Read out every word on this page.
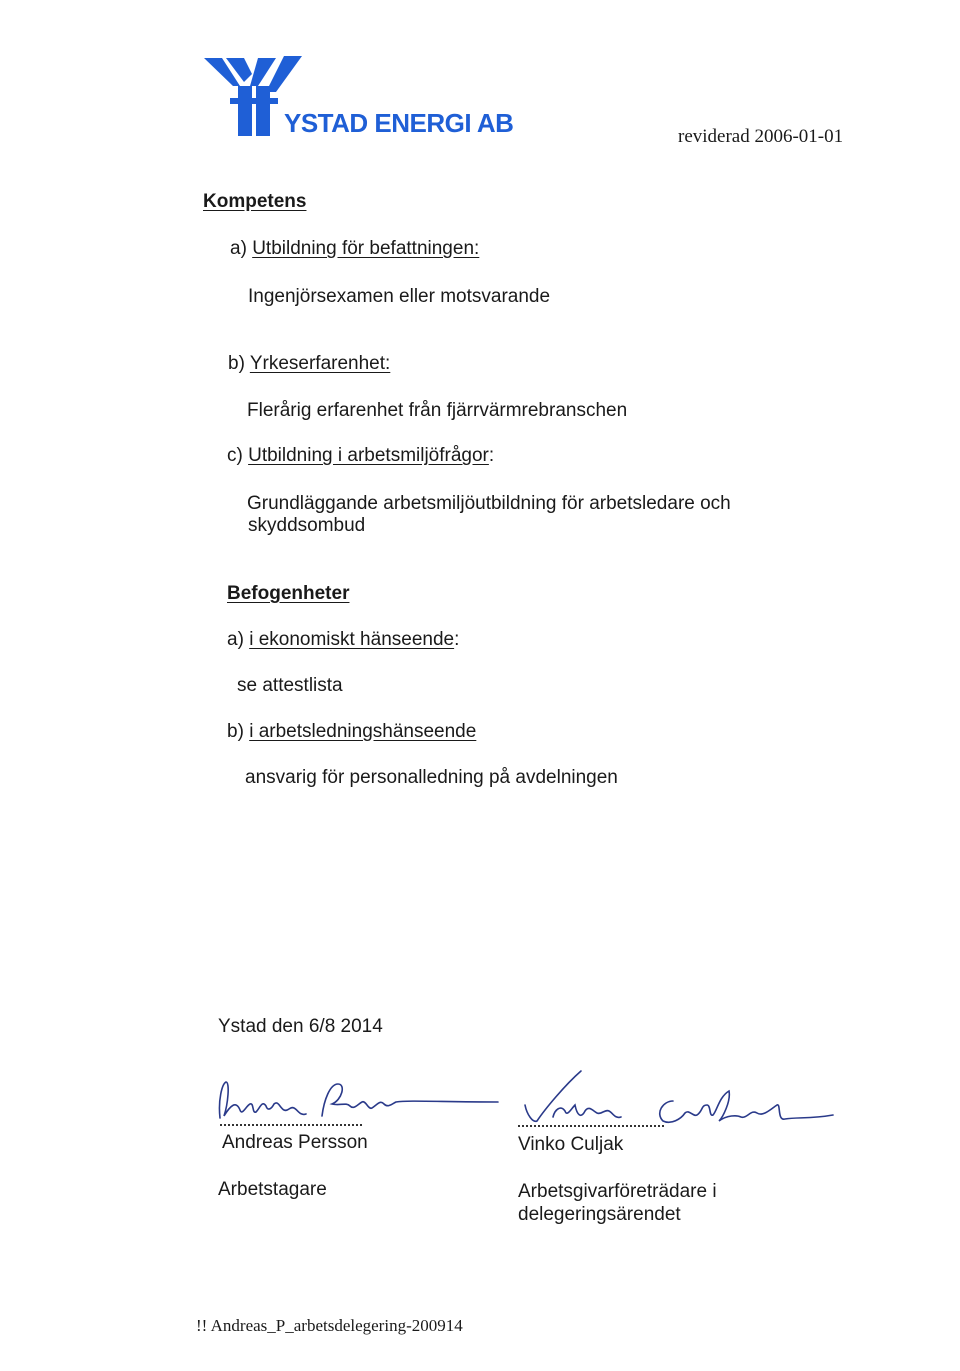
YSTAD ENERGI AB	reviderad 2006-01-01
Kompetens
a) Utbildning för befattningen:
Ingenjörsexamen eller motsvarande
b) Yrkeserfarenhet:
Flerårig erfarenhet från fjärrvärmrebranschen
c) Utbildning i arbetsmiljöfrågor:
Grundläggande arbetsmiljöutbildning för arbetsledare och
skyddsombud
Befogenheter
a) i ekonomiskt hänseende:
se attestlista
b) i arbetsledningshänseende
ansvarig för personalledning på avdelningen
Ystad den 6/8 2014
Andreas Persson
Arbetstagare
Vinko Culjak
Arbetsgivarföreträdare i
delegeringsärendet
!! Andreas_P_arbetsdelegering-200914
